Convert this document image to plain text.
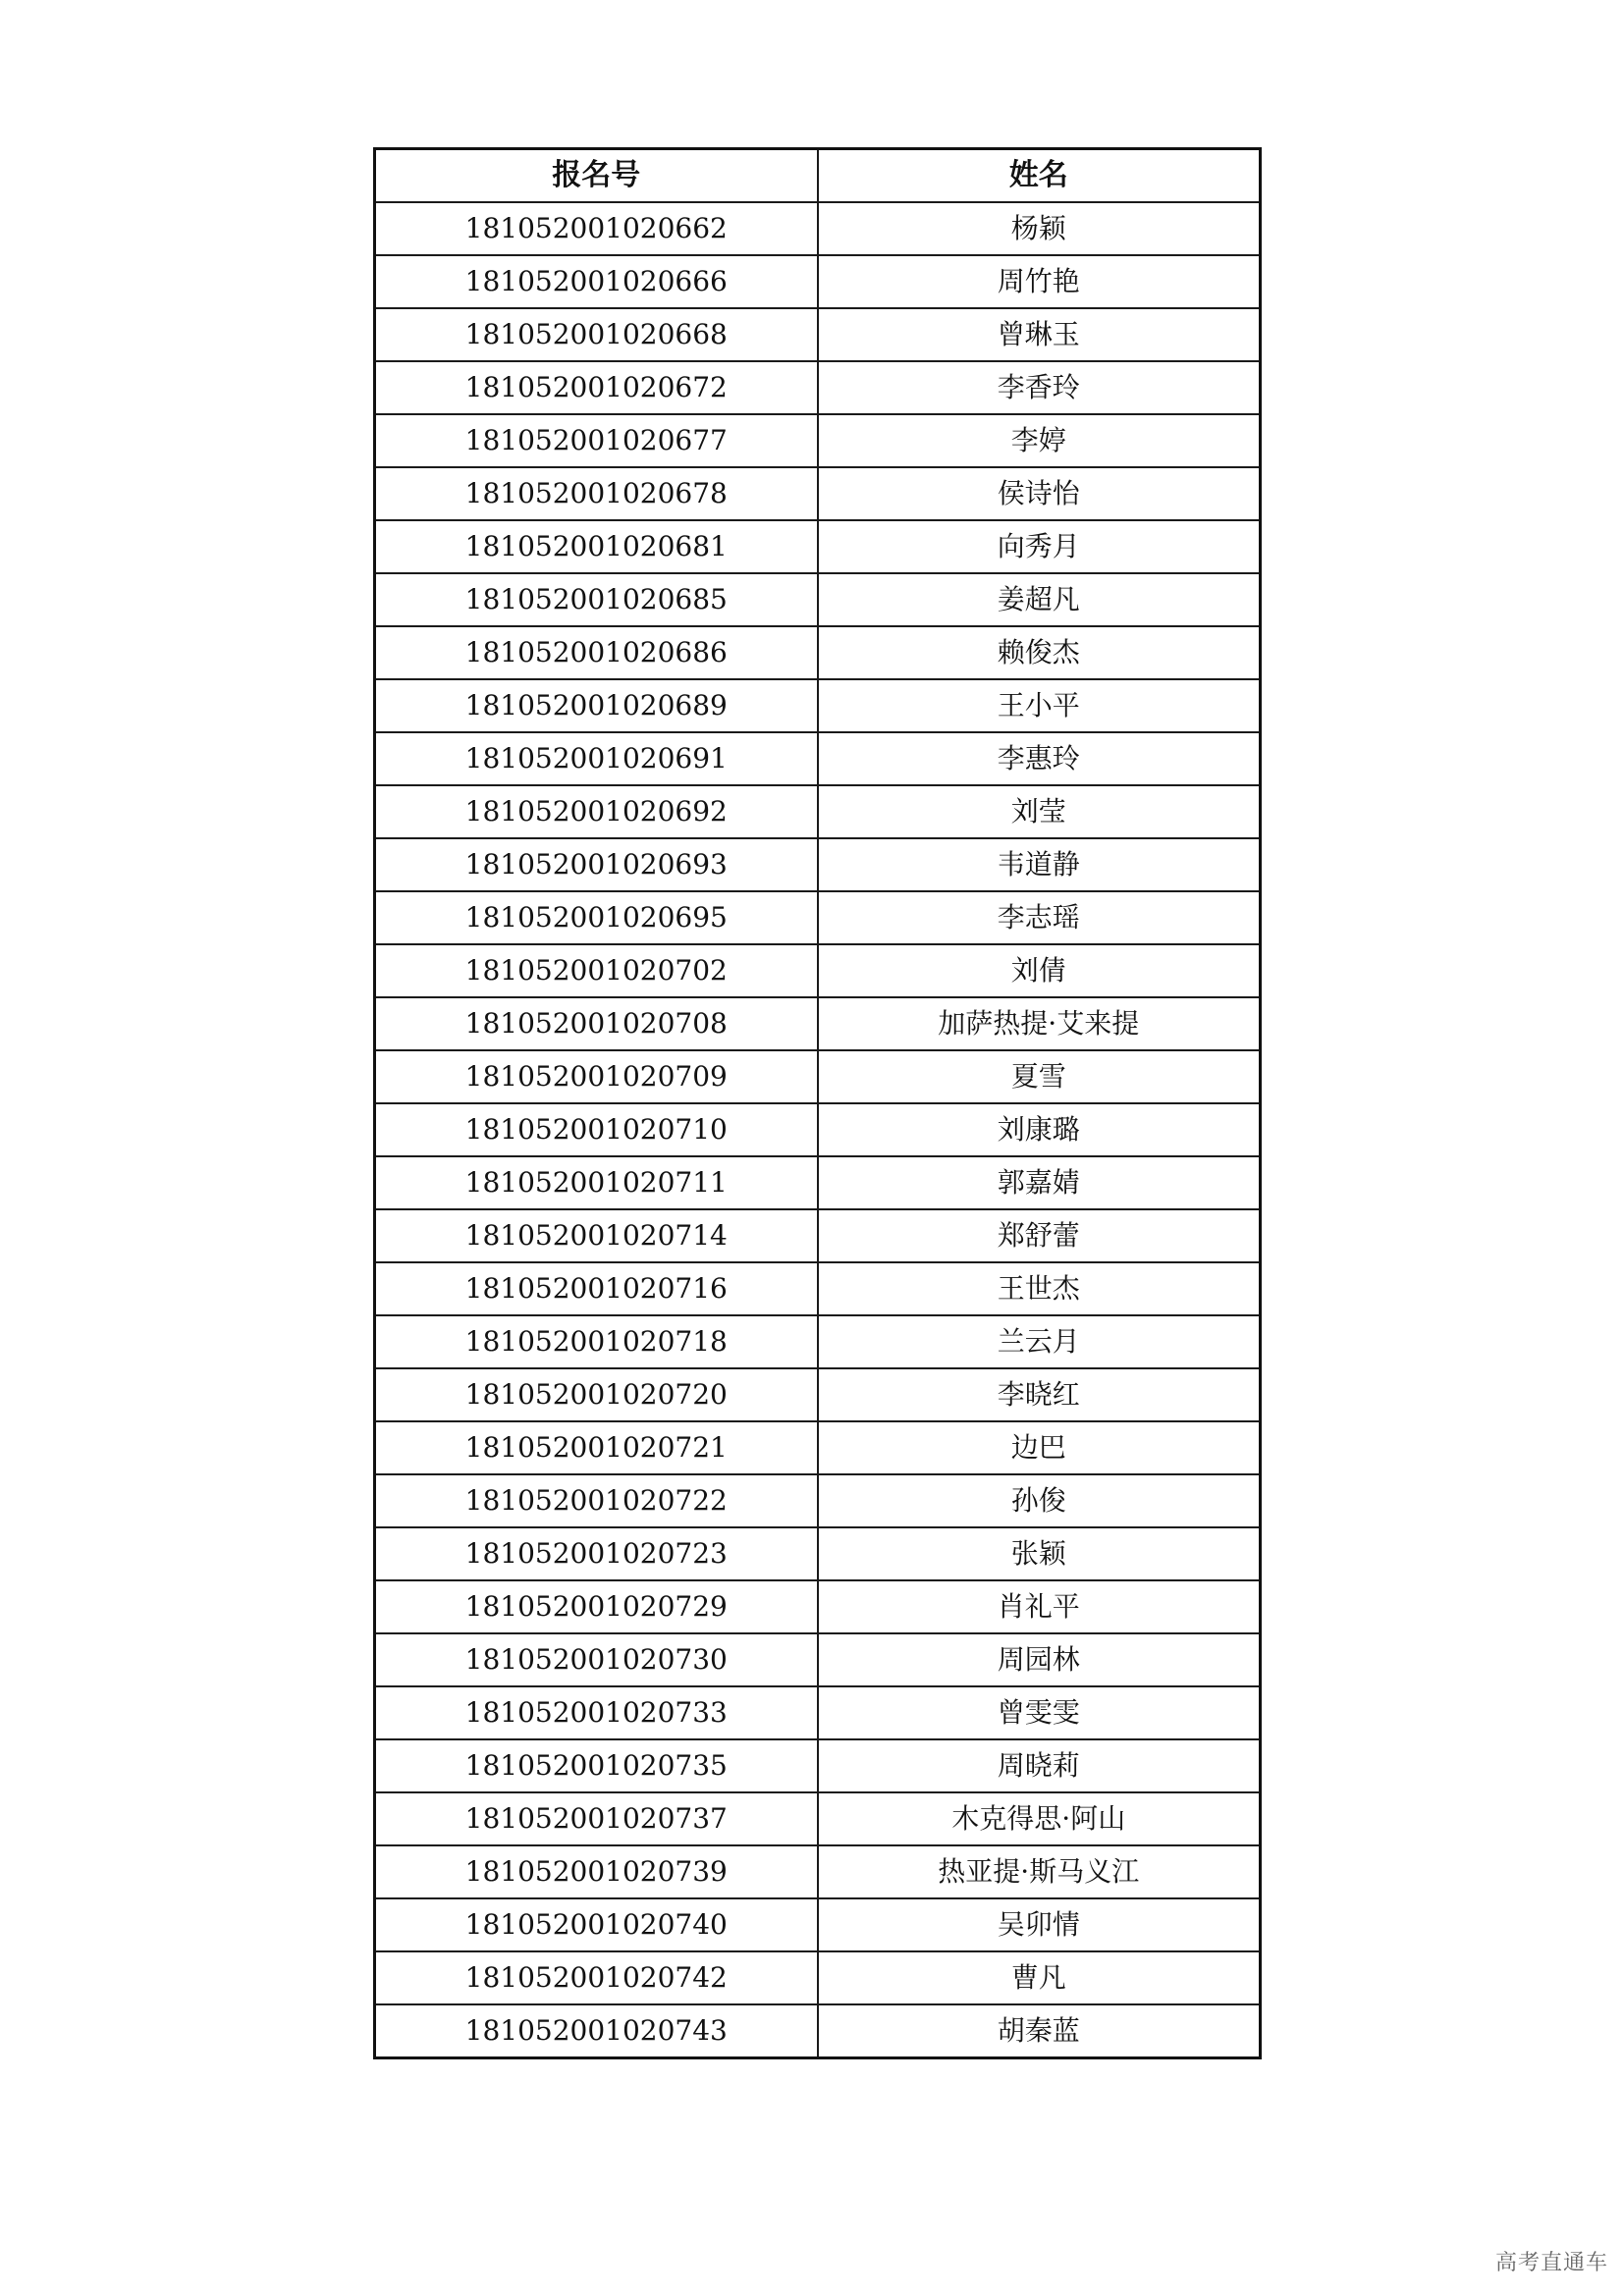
报名号	姓名
181052001020662	杨颖
181052001020666	周竹艳
181052001020668	曾琳玉
181052001020672	李香玲
181052001020677	李婷
181052001020678	侯诗怡
181052001020681	向秀月
181052001020685	姜超凡
181052001020686	赖俊杰
181052001020689	王小平
181052001020691	李惠玲
181052001020692	刘莹
181052001020693	韦道静
181052001020695	李志瑶
181052001020702	刘倩
181052001020708	加萨热提·艾来提
181052001020709	夏雪
181052001020710	刘康璐
181052001020711	郭嘉婧
181052001020714	郑舒蕾
181052001020716	王世杰
181052001020718	兰云月
181052001020720	李晓红
181052001020721	边巴
181052001020722	孙俊
181052001020723	张颖
181052001020729	肖礼平
181052001020730	周园林
181052001020733	曾雯雯
181052001020735	周晓莉
181052001020737	木克得思·阿山
181052001020739	热亚提·斯马义江
181052001020740	吴卯情
181052001020742	曹凡
181052001020743	胡秦蓝
高考直通车
